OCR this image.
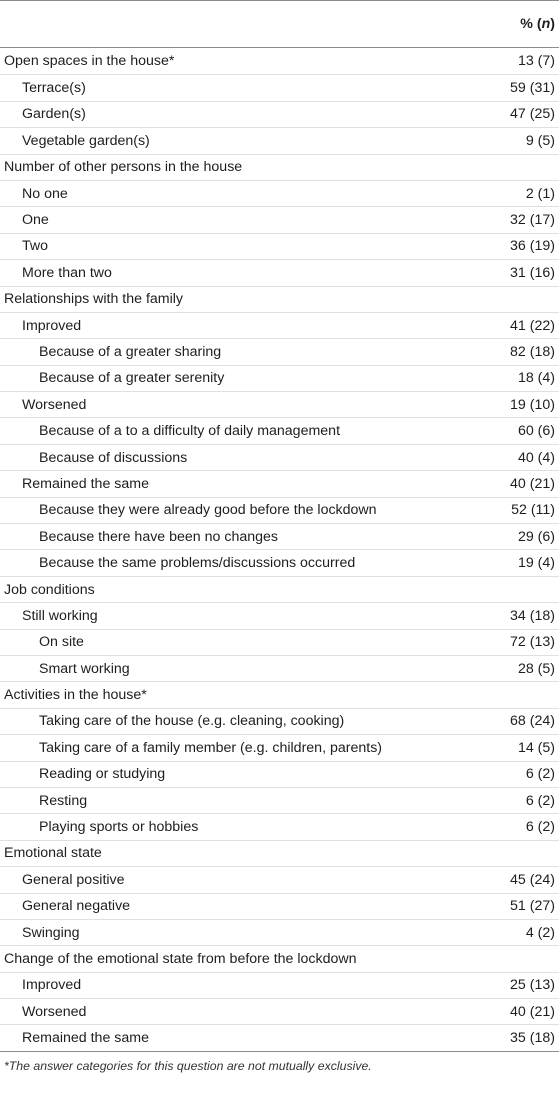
% ( n )
Open spaces in the house*	13 (7)
Terrace(s)	59 (31)
Garden(s)	47 (25)
Vegetable garden(s)	9 (5)
Number of other persons in the house
No one	2 (1)
One	32 (17)
Two	36 (19)
More than two	31 (16)
Relationships with the family
Improved	41 (22)
Because of a greater sharing	82 (18)
Because of a greater serenity	18 (4)
Worsened	19 (10)
Because of a to a difficulty of daily management	60 (6)
Because of discussions	40 (4)
Remained the same	40 (21)
Because they were already good before the lockdown	52 (11)
Because there have been no changes	29 (6)
Because the same problems/discussions occurred	19 (4)
Job conditions
Still working	34 (18)
On site	72 (13)
Smart working	28 (5)
Activities in the house*
Taking care of the house (e.g. cleaning, cooking)	68 (24)
Taking care of a family member (e.g. children, parents)	14 (5)
Reading or studying	6 (2)
Resting	6 (2)
Playing sports or hobbies	6 (2)
Emotional state
General positive	45 (24)
General negative	51 (27)
Swinging	4 (2)
Change of the emotional state from before the lockdown
Improved	25 (13)
Worsened	40 (21)
Remained the same	35 (18)
*The answer categories for this question are not mutually exclusive.
